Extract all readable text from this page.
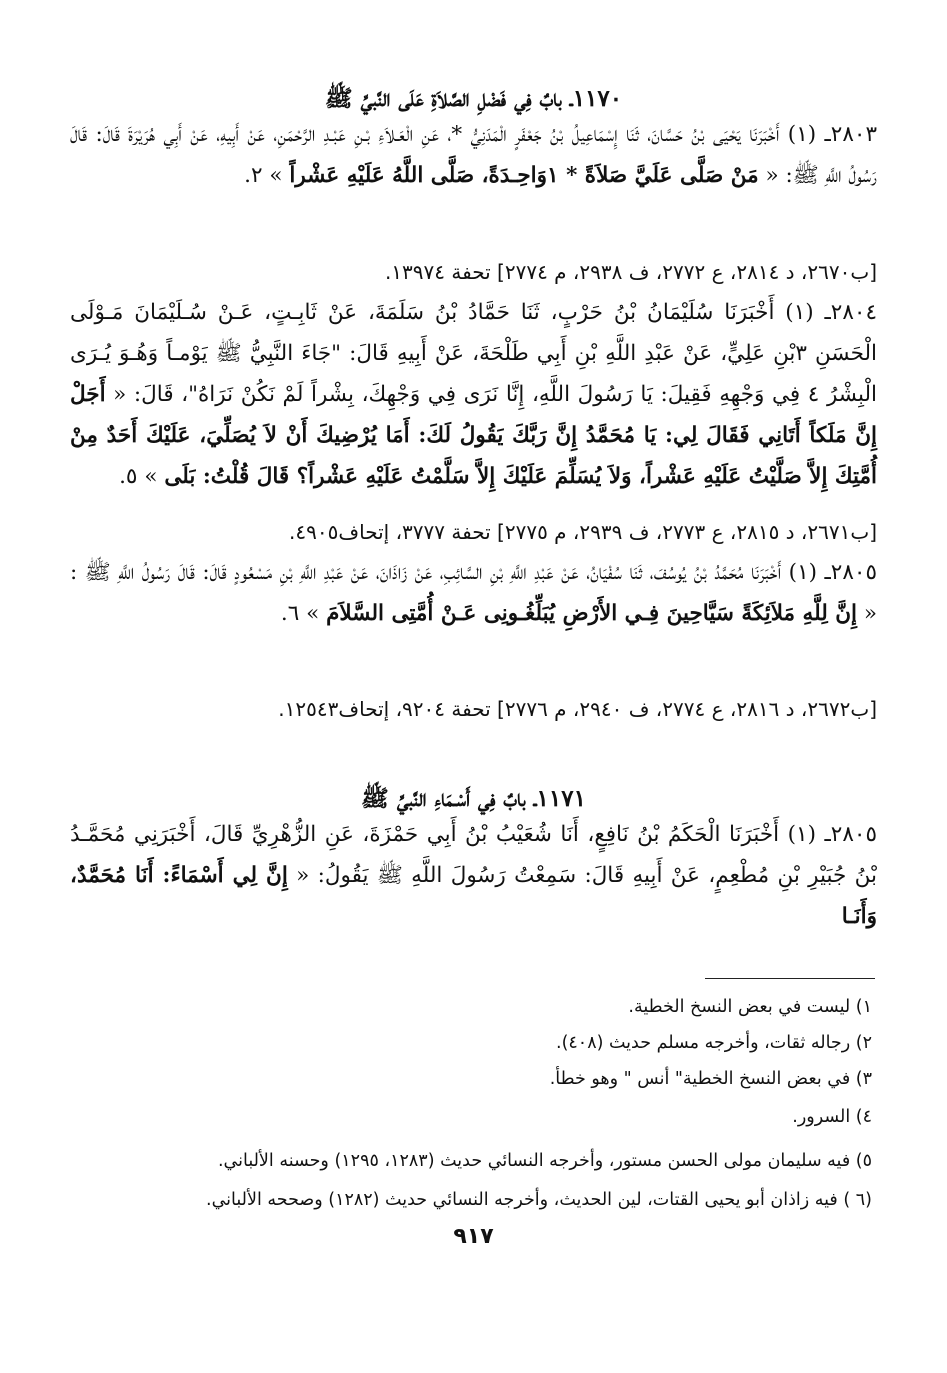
١١٧٠ـ بابٌ فِي فَضْلِ الصَّلاَةِ عَلَى النَّبيِّ ﷺ

٢٨٠٣ـ (١) أَخْبَرَنَا يَحْيَى بْنُ حَسَّانَ، ثَنَا إِسْمَاعِيلُ بْنُ جَعْفَرٍ الْمَدَنِيُّ *، عَنِ الْعَـلاَءِ بْـنِ عَبْـدِ الرَّحْمَنِ، عَنْ أَبِيهِ، عَنْ أَبِي هُرَيْرَةَ قَالَ: قَالَ رَسُولُ اللَّهِ ﷺ: « مَنْ صَلَّى عَلَيَّ صَلاَةً * ١وَاحِـدَةً، صَلَّى اللَّهُ عَلَيْهِ عَشْراً » ٢.

[ب٢٦٧٠، د ٢٨١٤، ع ٢٧٧٢، ف ٢٩٣٨، م ٢٧٧٤] تحفة ١٣٩٧٤.

٢٨٠٤ـ (١) أَخْبَرَنَا سُلَيْمَانُ بْنُ حَرْبٍ، ثَنَا حَمَّادُ بْنُ سَلَمَةَ، عَنْ ثَابِـتٍ، عَـنْ سُـلَيْمَانَ مَـوْلَى الْحَسَنِ ٣بْنِ عَلِيٍّ، عَنْ عَبْدِ اللَّهِ بْنِ أَبِي طَلْحَةَ، عَنْ أَبِيهِ قَالَ: "جَاءَ النَّبِيُّ ﷺ يَوْمـاً وَهُـوَ يُـرَى الْبِشْرُ ٤ فِي وَجْهِهِ فَقِيلَ: يَا رَسُولَ اللَّهِ، إِنَّا نَرَى فِي وَجْهِكَ، بِشْراً لَمْ نَكُنْ نَرَاهُ"، قَالَ: « أَجَلْ إِنَّ مَلَكاً أَتَانِي فَقَالَ لِي: يَا مُحَمَّدُ إِنَّ رَبَّكَ يَقُولُ لَكَ: أَمَا يُرْضِيكَ أَنْ لاَ يُصَلِّيَ، عَلَيْكَ أَحَدٌ مِنْ أُمَّتِكَ إِلاَّ صَلَّيْتُ عَلَيْهِ عَشْراً، وَلاَ يُسَلِّمَ عَلَيْكَ إِلاَّ سَلَّمْتُ عَلَيْهِ عَشْراً؟ قَالَ قُلْتُ: بَلَى » ٥.

[ب٢٦٧١، د ٢٨١٥، ع ٢٧٧٣، ف ٢٩٣٩، م ٢٧٧٥] تحفة ٣٧٧٧، إتحاف٤٩٠٥.

٢٨٠٥ـ (١) أَخْبَرَنَا مُحَمَّدُ بْنُ يُوسُفَ، ثَنَا سُفْيَانُ، عَنْ عَبْدِ اللَّهِ بْنِ السَّائِبِ، عَنْ زَاذَانَ، عَنْ عَبْدِ اللَّهِ بْنِ مَسْعُودٍ قَالَ: قَالَ رَسُولُ اللَّهِ ﷺ : « إِنَّ لِلَّهِ مَلاَئِكَةً سَيَّاحِينَ فِـي الأَرْضِ يُبَلِّغُـونِى عَـنْ أُمَّتِى السَّلاَمَ » ٦.

[ب٢٦٧٢، د ٢٨١٦، ع ٢٧٧٤، ف ٢٩٤٠، م ٢٧٧٦] تحفة ٩٢٠٤، إتحاف١٢٥٤٣.
١١٧١ـ بابٌ فِي أَسْـمَاءِ النَّبيِّ ﷺ

٢٨٠٥ـ (١) أَخْبَرَنَا الْحَكَمُ بْنُ نَافِعٍ، أَنَا شُعَيْبُ بْنُ أَبِي حَمْزَةَ، عَنِ الزُّهْرِيِّ قَالَ، أَخْبَرَنِي مُحَمَّـدُ بْنُ جُبَيْرِ بْنِ مُطْعِمٍ، عَنْ أَبِيهِ قَالَ: سَمِعْتُ رَسُولَ اللَّهِ ﷺ يَقُولُ: « إِنَّ لِي أَسْمَاءً: أَنَا مُحَمَّدٌ، وَأَنَـا

١) ليست في بعض النسخ الخطية.
٢) رجاله ثقات، وأخرجه مسلم حديث (٤٠٨).
٣) في بعض النسخ الخطية" أنس " وهو خطأ.
٤) السرور.
٥) فيه سليمان مولى الحسن مستور، وأخرجه النسائي حديث (١٢٨٣، ١٢٩٥) وحسنه الألباني.
(٦ ) فيه زاذان أبو يحيى القتات، لين الحديث، وأخرجه النسائي حديث (١٢٨٢) وصححه الألباني.
٩١٧
